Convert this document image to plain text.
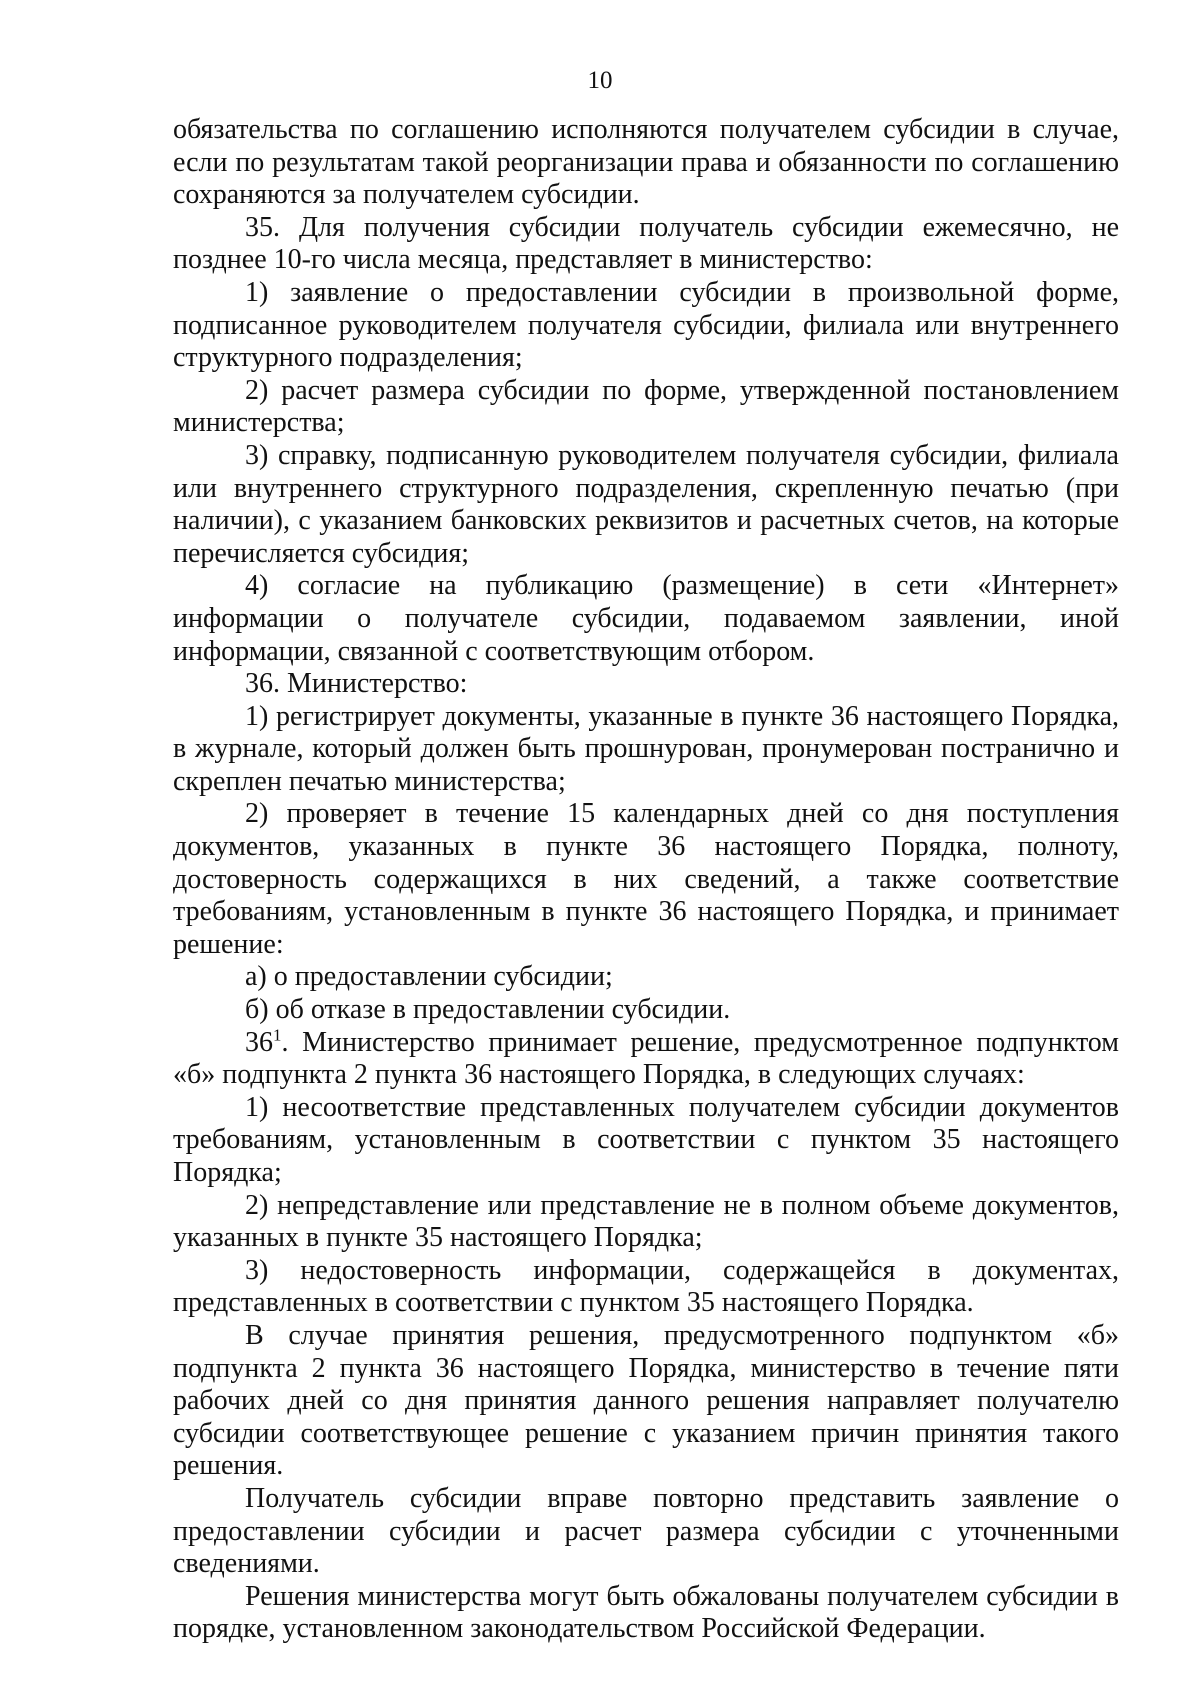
10

обязательства по соглашению исполняются получателем субсидии в случае, если по результатам такой реорганизации права и обязанности по соглашению сохраняются за получателем субсидии.

35. Для получения субсидии получатель субсидии ежемесячно, не позднее 10-го числа месяца, представляет в министерство:

1) заявление о предоставлении субсидии в произвольной форме, подписанное руководителем получателя субсидии, филиала или внутреннего структурного подразделения;

2) расчет размера субсидии по форме, утвержденной постановлением министерства;

3) справку, подписанную руководителем получателя субсидии, филиала или внутреннего структурного подразделения, скрепленную печатью (при наличии), с указанием банковских реквизитов и расчетных счетов, на которые перечисляется субсидия;

4) согласие на публикацию (размещение) в сети «Интернет» информации о получателе субсидии, подаваемом заявлении, иной информации, связанной с соответствующим отбором.

36. Министерство:

1) регистрирует документы, указанные в пункте 36 настоящего Порядка, в журнале, который должен быть прошнурован, пронумерован постранично и скреплен печатью министерства;

2) проверяет в течение 15 календарных дней со дня поступления документов, указанных в пункте 36 настоящего Порядка, полноту, достоверность содержащихся в них сведений, а также соответствие требованиям, установленным в пункте 36 настоящего Порядка, и принимает решение:

а) о предоставлении субсидии;

б) об отказе в предоставлении субсидии.

$36^1$. Министерство принимает решение, предусмотренное подпунктом «б» подпункта 2 пункта 36 настоящего Порядка, в следующих случаях:

1) несоответствие представленных получателем субсидии документов требованиям, установленным в соответствии с пунктом 35 настоящего Порядка;

2) непредставление или представление не в полном объеме документов, указанных в пункте 35 настоящего Порядка;

3) недостоверность информации, содержащейся в документах, представленных в соответствии с пунктом 35 настоящего Порядка.

В случае принятия решения, предусмотренного подпунктом «б» подпункта 2 пункта 36 настоящего Порядка, министерство в течение пяти рабочих дней со дня принятия данного решения направляет получателю субсидии соответствующее решение с указанием причин принятия такого решения.

Получатель субсидии вправе повторно представить заявление о предоставлении субсидии и расчет размера субсидии с уточненными сведениями.

Решения министерства могут быть обжалованы получателем субсидии в порядке, установленном законодательством Российской Федерации.
